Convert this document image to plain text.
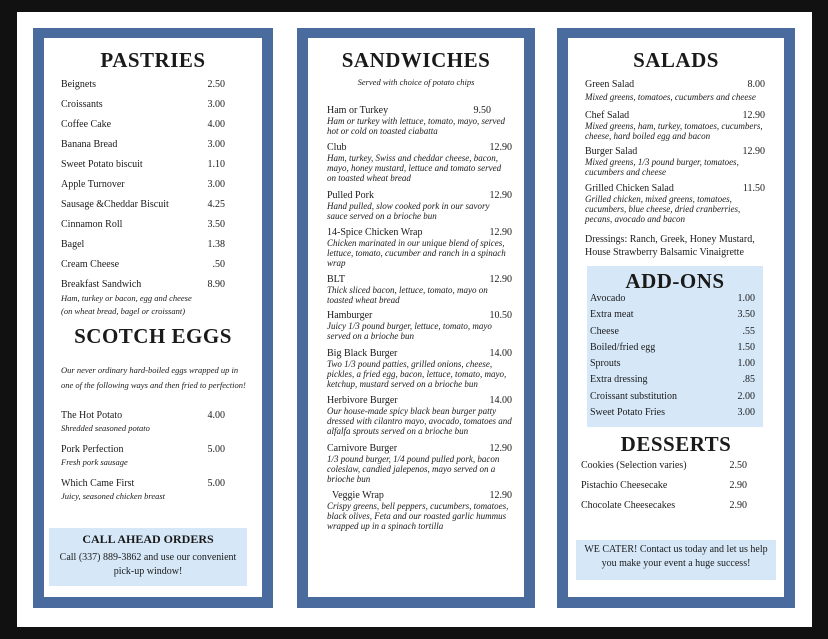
PASTRIES
Beignets	2.50
Croissants	3.00
Coffee Cake	4.00
Banana Bread	3.00
Sweet Potato biscuit	1.10
Apple Turnover	3.00
Sausage &Cheddar Biscuit	4.25
Cinnamon Roll	3.50
Bagel	1.38
Cream Cheese	.50
Breakfast Sandwich	8.90
Ham, turkey or bacon, egg and cheese
(on wheat bread, bagel or croissant)
SCOTCH EGGS
Our never ordinary hard-boiled eggs wrapped up in one of the following ways and then fried to perfection!
The Hot Potato	4.00
Shredded seasoned potato
Pork Perfection	5.00
Fresh pork sausage
Which Came First	5.00
Juicy, seasoned chicken breast
CALL AHEAD ORDERS
Call (337) 889-3862 and use our convenient pick-up window!
SANDWICHES
Served with choice of potato chips
Ham or Turkey	9.50
Ham or turkey with lettuce, tomato, mayo, served hot or cold on toasted ciabatta
Club	12.90
Ham, turkey, Swiss and cheddar cheese, bacon, mayo, honey mustard, lettuce and tomato served on toasted wheat bread
Pulled Pork	12.90
Hand pulled, slow cooked pork in our savory sauce served on a brioche bun
14-Spice Chicken Wrap	12.90
Chicken marinated in our unique blend of spices, lettuce, tomato, cucumber and ranch in a spinach wrap
BLT	12.90
Thick sliced bacon, lettuce, tomato, mayo on toasted wheat bread
Hamburger	10.50
Juicy 1/3 pound burger, lettuce, tomato, mayo served on a brioche bun
Big Black Burger	14.00
Two 1/3 pound patties, grilled onions, cheese, pickles, a fried egg, bacon, lettuce, tomato, mayo, ketchup, mustard served on a brioche bun
Herbivore Burger	14.00
Our house-made spicy black bean burger patty dressed with cilantro mayo, avocado, tomatoes and alfalfa sprouts served on a brioche bun
Carnivore Burger	12.90
1/3 pound burger, 1/4 pound pulled pork, bacon coleslaw, candied jalepenos, mayo served on a brioche bun
Veggie Wrap	12.90
Crispy greens, bell peppers, cucumbers, tomatoes, black olives, Feta and our roasted garlic hummus wrapped up in a spinach tortilla
SALADS
Green Salad	8.00
Mixed greens, tomatoes, cucumbers and cheese
Chef Salad	12.90
Mixed greens, ham, turkey, tomatoes, cucumbers, cheese, hard boiled egg and bacon
Burger Salad	12.90
Mixed greens, 1/3 pound burger, tomatoes, cucumbers and cheese
Grilled Chicken Salad	11.50
Grilled chicken, mixed greens, tomatoes, cucumbers, blue cheese, dried cranberries, pecans, avocado and bacon
Dressings: Ranch, Greek, Honey Mustard, House Strawberry Balsamic Vinaigrette
ADD-ONS
Avocado	1.00
Extra meat	3.50
Cheese	.55
Boiled/fried egg	1.50
Sprouts	1.00
Extra dressing	.85
Croissant substitution	2.00
Sweet Potato Fries	3.00
DESSERTS
Cookies (Selection varies)	2.50
Pistachio Cheesecake	2.90
Chocolate Cheesecakes	2.90
WE CATER! Contact us today and let us help you make your event a huge success!
